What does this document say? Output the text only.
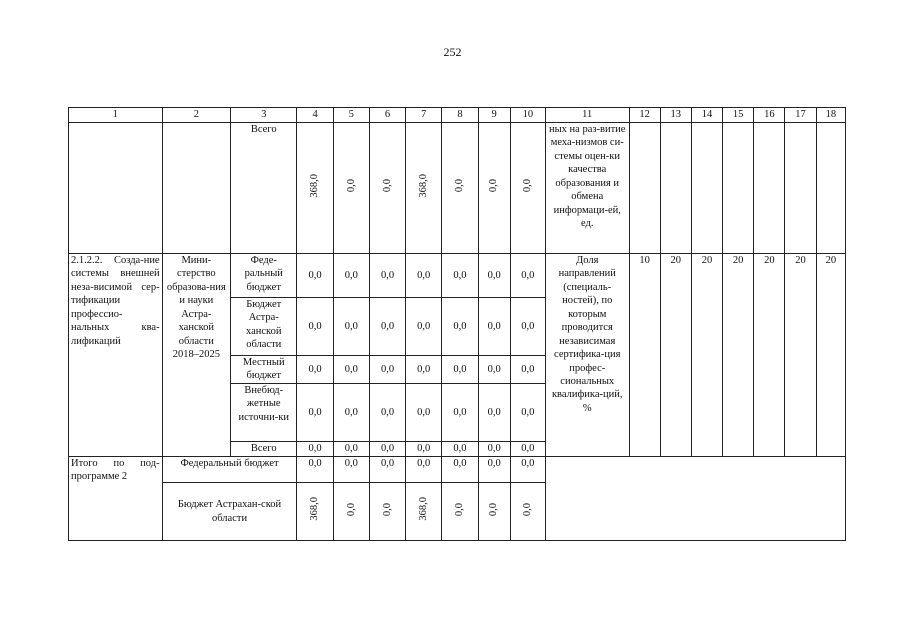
252
1	2	3	4	5	6	7	8	9	10	11	12	13	14	15	16	17	18
		Всего	368,0	0,0	0,0	368,0	0,0	0,0	0,0	ных на раз-витие меха-низмов си-стемы оцен-ки качества образования и обмена информаци-ей, ед.							
2.1.2.2. Созда-ние системы внешней неза-висимой сер-тификации профессио-нальных ква-лификаций	Мини-стерство образова-ния и науки Астра-ханской области 2018–2025	Феде-ральный бюджет	0,0	0,0	0,0	0,0	0,0	0,0	0,0	Доля направлений (специаль-ностей), по которым проводится независимая сертифика-ция профес-сиональных квалифика-ций, %	10	20	20	20	20	20	20
		Бюджет Астра-ханской области	0,0	0,0	0,0	0,0	0,0	0,0	0,0								
		Местный бюджет	0,0	0,0	0,0	0,0	0,0	0,0	0,0								
		Внебюд-жетные источни-ки	0,0	0,0	0,0	0,0	0,0	0,0	0,0								
		Всего	0,0	0,0	0,0	0,0	0,0	0,0	0,0								
Итого по под-программе 2	Федеральный бюджет		0,0	0,0	0,0	0,0	0,0	0,0	0,0								
	Бюджет Астрахан-ской области		368,0	0,0	0,0	368,0	0,0	0,0	0,0								
